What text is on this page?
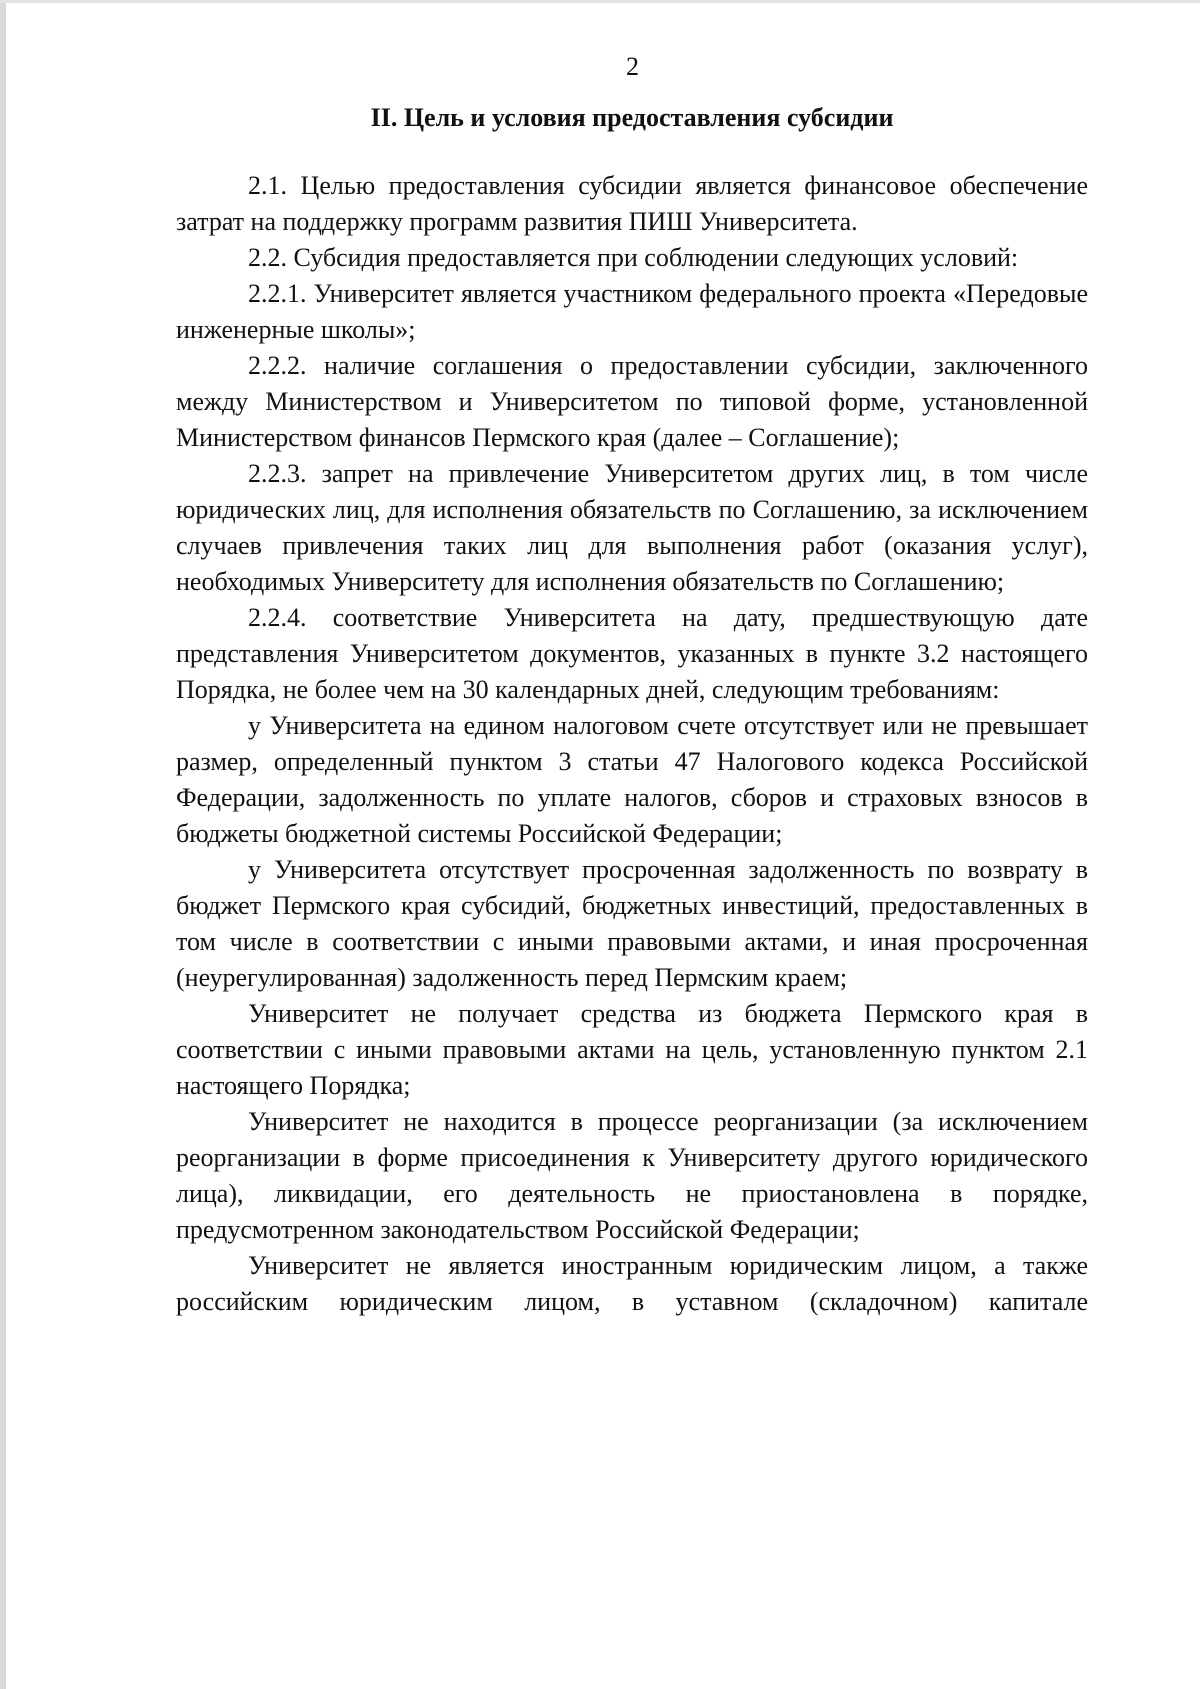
2
II. Цель и условия предоставления субсидии

2.1. Целью предоставления субсидии является финансовое обеспечение затрат на поддержку программ развития ПИШ Университета.

2.2. Субсидия предоставляется при соблюдении следующих условий:

2.2.1. Университет является участником федерального проекта «Передовые инженерные школы»;

2.2.2. наличие соглашения о предоставлении субсидии, заключенного между Министерством и Университетом по типовой форме, установленной Министерством финансов Пермского края (далее – Соглашение);

2.2.3. запрет на привлечение Университетом других лиц, в том числе юридических лиц, для исполнения обязательств по Соглашению, за исключением случаев привлечения таких лиц для выполнения работ (оказания услуг), необходимых Университету для исполнения обязательств по Соглашению;

2.2.4. соответствие Университета на дату, предшествующую дате представления Университетом документов, указанных в пункте 3.2 настоящего Порядка, не более чем на 30 календарных дней, следующим требованиям:

у Университета на едином налоговом счете отсутствует или не превышает размер, определенный пунктом 3 статьи 47 Налогового кодекса Российской Федерации, задолженность по уплате налогов, сборов и страховых взносов в бюджеты бюджетной системы Российской Федерации;

у Университета отсутствует просроченная задолженность по возврату в бюджет Пермского края субсидий, бюджетных инвестиций, предоставленных в том числе в соответствии с иными правовыми актами, и иная просроченная (неурегулированная) задолженность перед Пермским краем;

Университет не получает средства из бюджета Пермского края в соответствии с иными правовыми актами на цель, установленную пунктом 2.1 настоящего Порядка;

Университет не находится в процессе реорганизации (за исключением реорганизации в форме присоединения к Университету другого юридического лица), ликвидации, его деятельность не приостановлена в порядке, предусмотренном законодательством Российской Федерации;

Университет не является иностранным юридическим лицом, а также российским юридическим лицом, в уставном (складочном) капитале
